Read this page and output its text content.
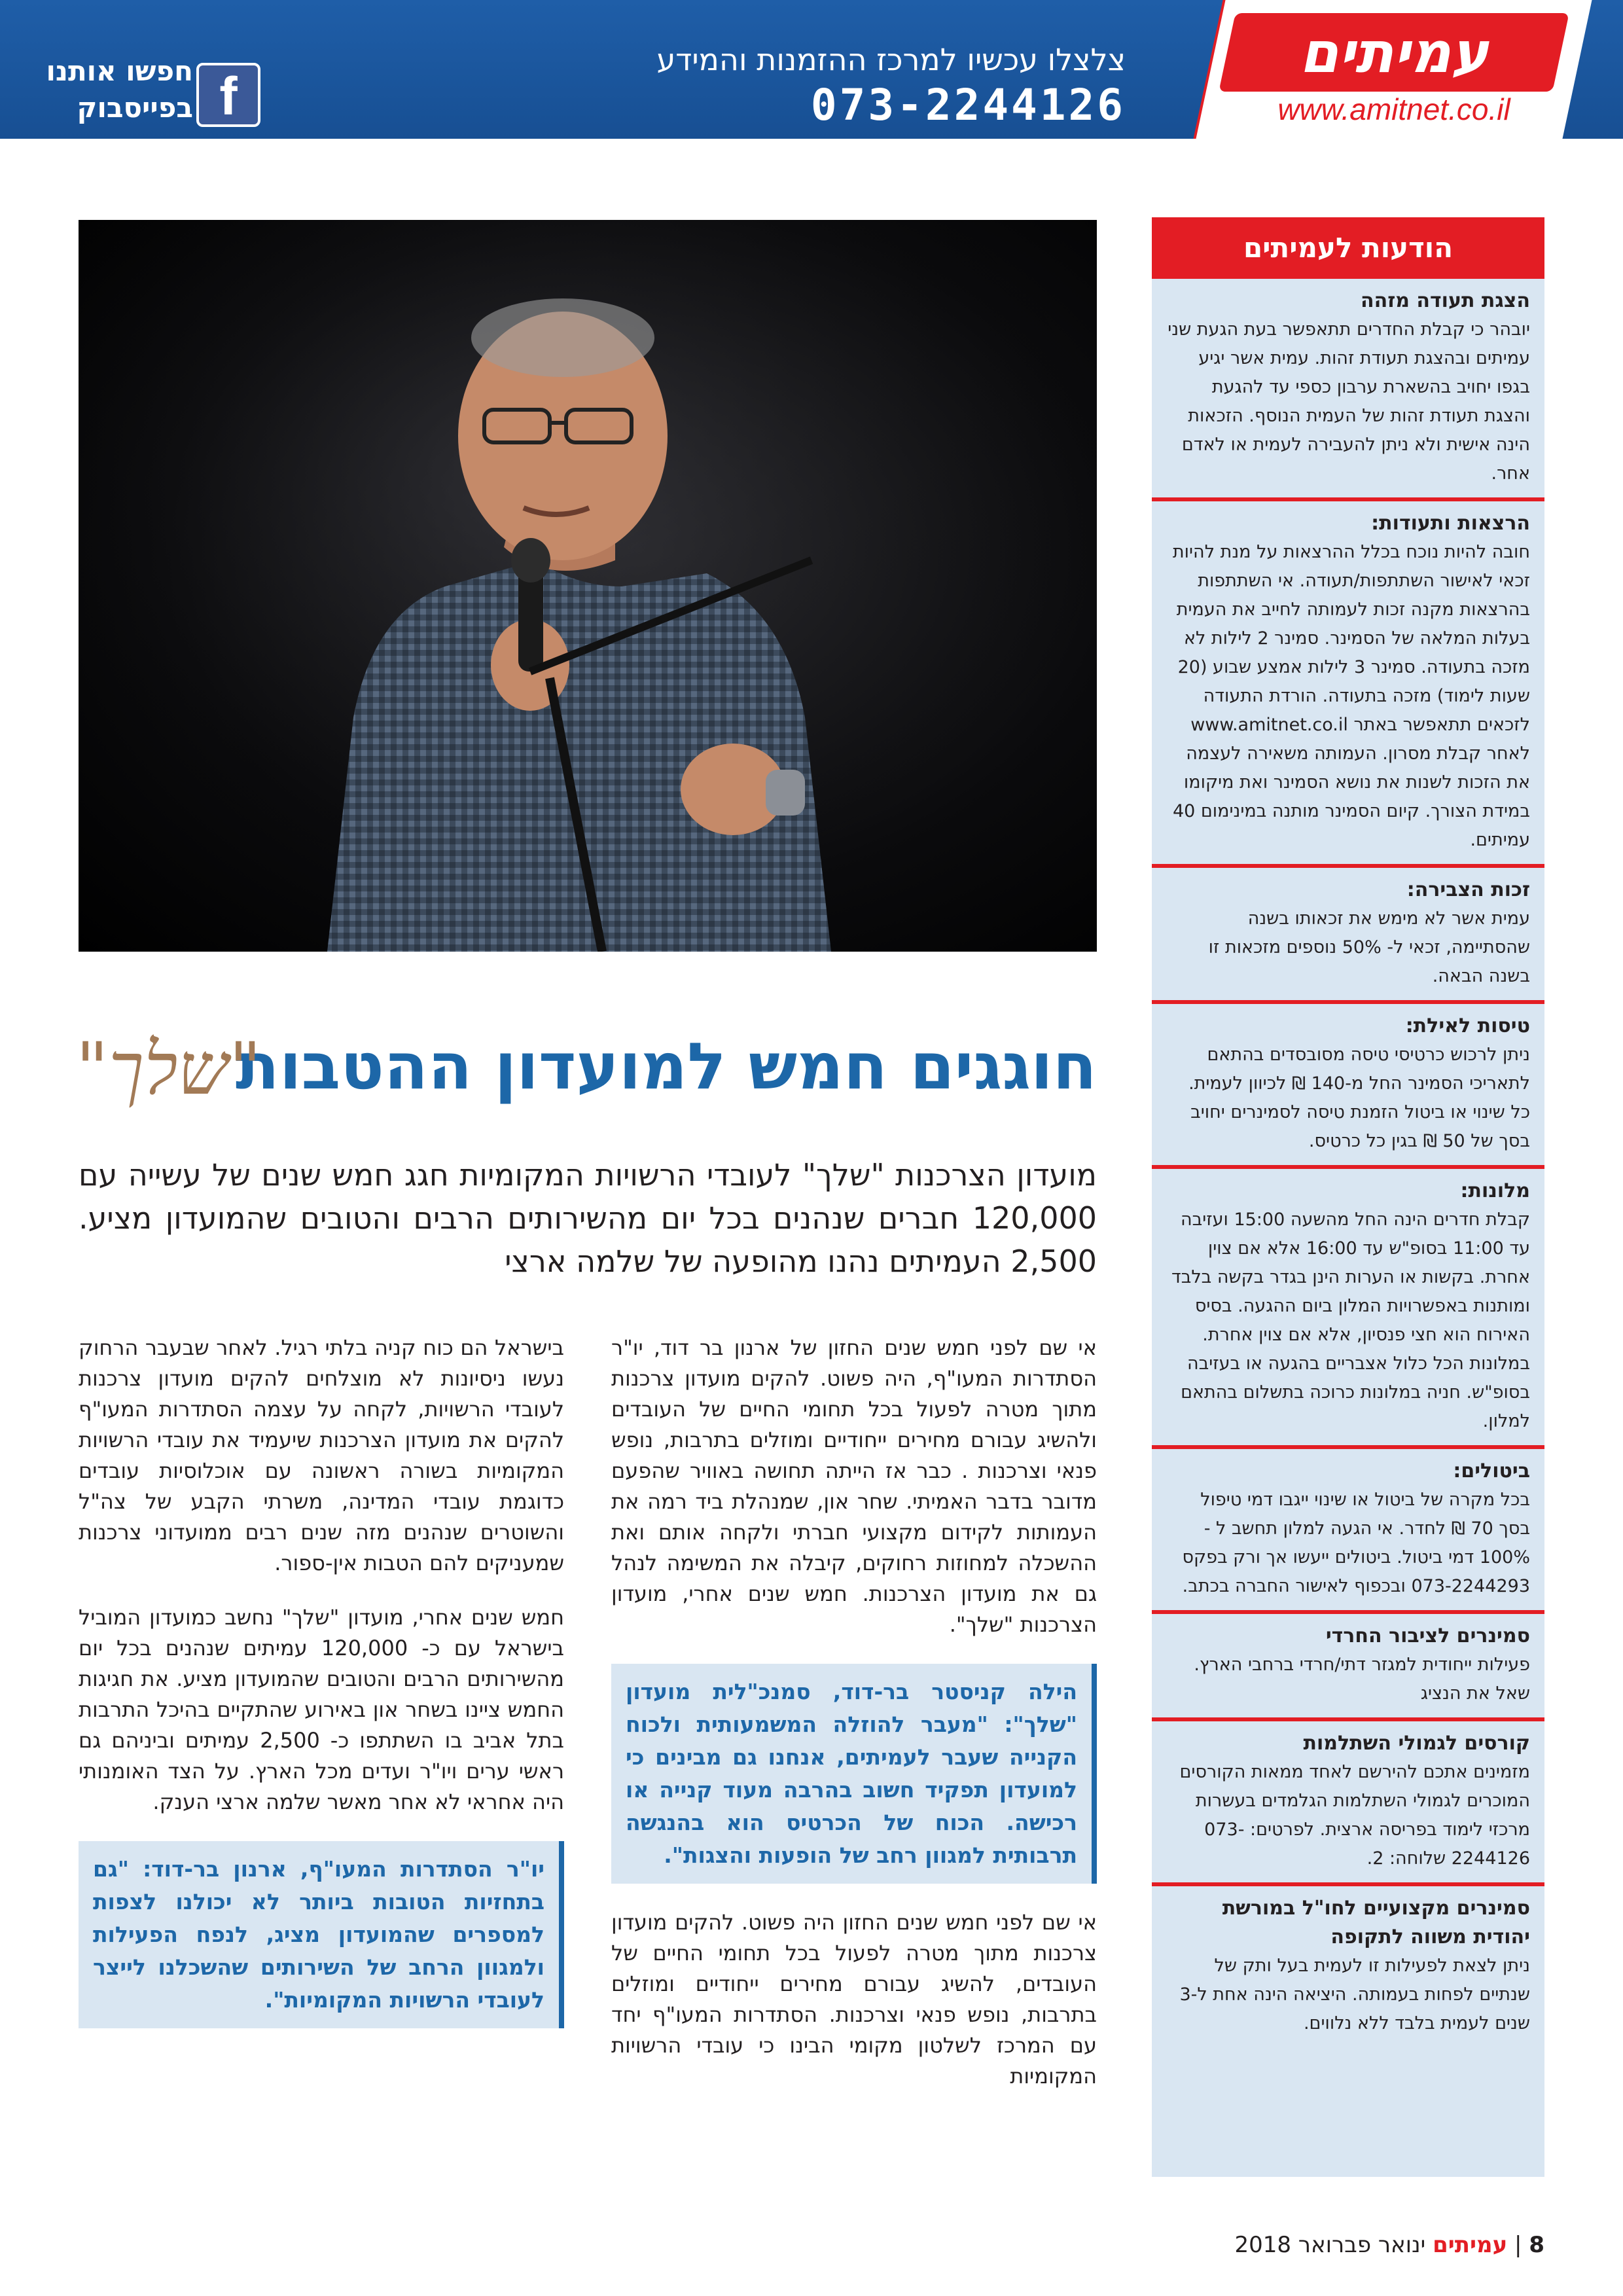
עמיתים
www.amitnet.co.il
צלצלו עכשיו למרכז ההזמנות והמידע
073-2244126
חפשו אותנו
בפייסבוק f
חוגגים חמש למועדון ההטבות
"שלך"

מועדון הצרכנות "שלך" לעובדי הרשויות המקומיות חגג חמש שנים של עשייה עם 120,000 חברים שנהנים בכל יום מהשירותים הרבים והטובים שהמועדון מציע. 2,500 העמיתים נהנו מהופעה של שלמה ארצי

אי שם לפני חמש שנים החזון של ארנון בר דוד, יו"ר הסתדרות המעו"ף, היה פשוט. להקים מועדון צרכנות מתוך מטרה לפעול בכל תחומי החיים של העובדים ולהשיג עבורם מחירים ייחודיים ומוזלים בתרבות, נופש פנאי וצרכנות . כבר אז הייתה תחושה באוויר שהפעם מדובר בדבר האמיתי. שחר און, שמנהלת ביד רמה את העמותות לקידום מקצועי חברתי ולקחה אותם ואת ההשכלה למחוזות רחוקים, קיבלה את המשימה לנהל גם את מועדון הצרכנות. חמש שנים אחרי, מועדון הצרכנות "שלך".

הילה קניסטר בר-דוד, סמנכ"לית מועדון "שלך": "מעבר להוזלה המשמעותית ולכוח הקנייה שעבר לעמיתים, אנחנו גם מבינים כי למועדון תפקיד חשוב בהרבה מעוד קנייה או רכישה. הכוח של הכרטיס הוא בהנגשה תרבותית למגוון רחב של הופעות והצגות".

אי שם לפני חמש שנים החזון היה פשוט. להקים מועדון צרכנות מתוך מטרה לפעול בכל תחומי החיים של העובדים, להשיג עבורם מחירים ייחודיים ומוזלים בתרבות, נופש פנאי וצרכנות. הסתדרות המעו"ף יחד עם המרכז לשלטון מקומי הבינו כי עובדי הרשויות המקומיות

בישראל הם כוח קניה בלתי רגיל. לאחר שבעבר הרחוק נעשו ניסיונות לא מוצלחים להקים מועדון צרכנות לעובדי הרשויות, לקחה על עצמה הסתדרות המעו"ף להקים את מועדון הצרכנות שיעמיד את עובדי הרשויות המקומיות בשורה ראשונה עם אוכלוסיות עובדים כדוגמת עובדי המדינה, משרתי הקבע של צה"ל והשוטרים שנהנים מזה שנים רבים ממועדוני צרכנות שמעניקים להם הטבות אין-ספור.

חמש שנים אחרי, מועדון "שלך" נחשב כמועדון המוביל בישראל עם כ- 120,000 עמיתים שנהנים בכל יום מהשירותים הרבים והטובים שהמועדון מציע. את חגיגות החמש ציינו בשחר און באירוע שהתקיים בהיכל התרבות בתל אביב בו השתתפו כ- 2,500 עמיתים וביניהם גם ראשי ערים ויו"ר ועדים מכל הארץ. על הצד האומנותי היה אחראי לא אחר מאשר שלמה ארצי הענק.

יו"ר הסתדרות המעו"ף, ארנון בר-דוד: "גם בתחזיות הטובות ביותר לא יכולנו לצפות למספרים שהמועדון מציג, לנפח הפעילות ולמגוון הרחב של השירותים שהשכלנו לייצר לעובדי הרשויות המקומיות".
הודעות לעמיתים
הצגת תעודה מזהה

יובהר כי קבלת החדרים תתאפשר בעת הגעת שני עמיתים ובהצגת תעודת זהות. עמית אשר יגיע בגפו יחויב בהשארת ערבון כספי עד להגעת והצגת תעודת זהות של העמית הנוסף. הזכאות הינה אישית ולא ניתן להעבירה לעמית או לאדם אחר.

הרצאות ותעודות:

חובה להיות נוכח בכלל ההרצאות על מנת להיות זכאי לאישור השתתפות/תעודה. אי השתתפות בהרצאות מקנה זכות לעמותה לחייב את העמית בעלות המלאה של הסמינר. סמינר 2 לילות לא מזכה בתעודה. סמינר 3 לילות אמצע שבוע (20 שעות לימוד) מזכה בתעודה. הורדת התעודה לזכאים תתאפשר באתר www.amitnet.co.il לאחר קבלת מסרון. העמותה משאירה לעצמה את הזכות לשנות את נושא הסמינר ואת מיקומו במידת הצורך. קיום הסמינר מותנה במינימום 40 עמיתים.

זכות הצבירה:

עמית אשר לא מימש את זכאותו בשנה שהסתיימה, זכאי ל- 50% נוספים מזכאות זו בשנה הבאה.

טיסות לאילת:

ניתן לרכוש כרטיסי טיסה מסובסדים בהתאם לתאריכי הסמינר החל מ-140 ₪ לכיוון לעמית. כל שינוי או ביטול הזמנת טיסה לסמינרים יחויב בסך של 50 ₪ בגין כל כרטיס.

מלונות:

קבלת חדרים הינה החל מהשעה 15:00 ועזיבה עד 11:00 בסופ"ש עד 16:00 אלא אם צוין אחרת. בקשות או הערות הינן בגדר בקשה בלבד ומותנות באפשרויות המלון ביום ההגעה. בסיס האירוח הוא חצי פנסיון, אלא אם צוין אחרת. במלונות הכל כלול אצבריים בהגעה או בעזיבה בסופ"ש. חניה במלונות כרוכה בתשלום בהתאם למלון.

ביטולים:

בכל מקרה של ביטול או שינוי ייגבו דמי טיפול בסך 70 ₪ לחדר. אי הגעה למלון תחשב ל - 100% דמי ביטול. ביטולים ייעשו אך ורק בפקס 073-2244293 ובכפוף לאישור החברה בכתב.

סמינרים לציבור החרדי

פעילות ייחודית למגזר דתי/חרדי ברחבי הארץ. שאל את הנציג

קורסים לגמולי השתלמות

מזמינים אתכם להירשם לאחד ממאות הקורסים המוכרים לגמולי השתלמות הגלמדים בעשרות מרכזי לימוד בפריסה ארצית. לפרטים: 073-2244126 שלוחה: 2.

סמינרים מקצועיים לחו"ל במורשת יהודית משווה לתקופה

ניתן לצאת לפעילות זו לעמית בעל ותק של שנתיים לפחות בעמותה. היציאה הינה אחת ל-3 שנים לעמית בלבד ללא נלווים.

8 | עמיתים ינואר פברואר 2018
